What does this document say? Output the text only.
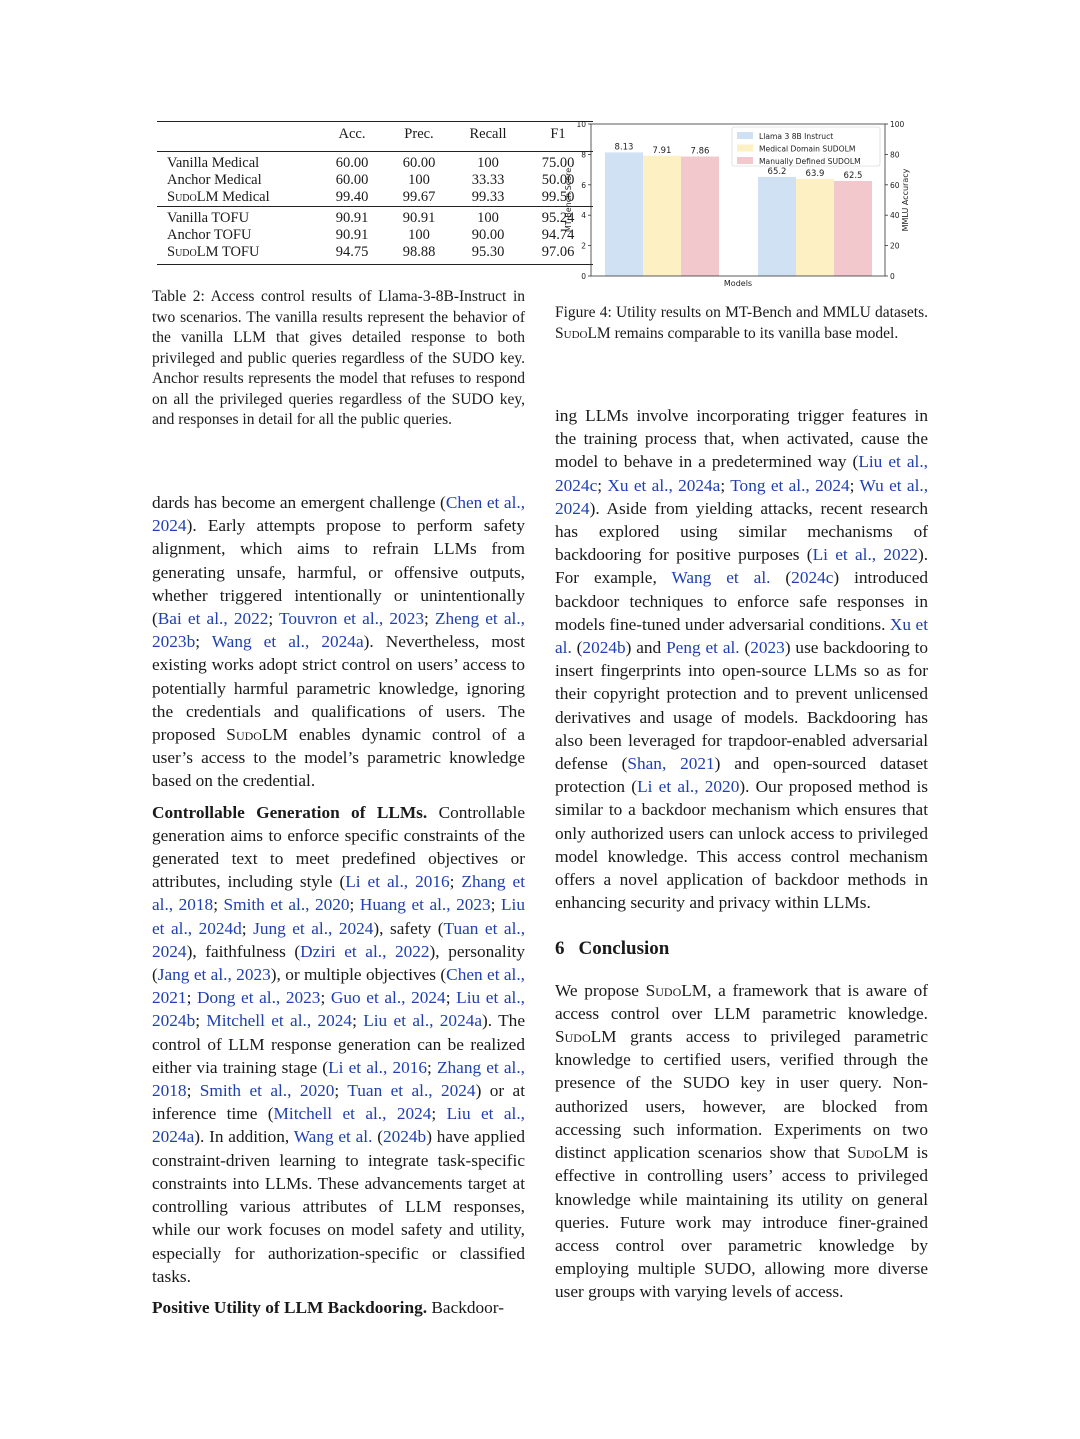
	Acc.	Prec.	Recall	F1
Vanilla Medical	60.00	60.00	100	75.00
Anchor Medical	60.00	100	33.33	50.00
SudoLM Medical	99.40	99.67	99.33	99.50
Vanilla TOFU	90.91	90.91	100	95.24
Anchor TOFU	90.91	100	90.00	94.74
SudoLM TOFU	94.75	98.88	95.30	97.06
Table 2: Access control results of Llama-3-8B-Instruct in two scenarios. The vanilla results represent the behavior of the vanilla LLM that gives detailed response to both privileged and public queries regardless of the SUDO key. Anchor results represents the model that refuses to respond on all the privileged queries regardless of the SUDO key, and responses in detail for all the public queries.
8.13
65.2
7.91
63.9
7.86
62.5
0
2
4
6
8
10
0
20
40
60
80
100
Models
MT Bench Score	MMLU Accuracy
Llama 3 8B Instruct
Medical Domain SUDOLM
Manually Defined SUDOLM
Figure 4: Utility results on MT-Bench and MMLU datasets. SudoLM remains comparable to its vanilla base model.

dards has become an emergent challenge (Chen et al., 2024). Early attempts propose to perform safety alignment, which aims to refrain LLMs from generating unsafe, harmful, or offensive outputs, whether triggered intentionally or unintentionally (Bai et al., 2022; Touvron et al., 2023; Zheng et al., 2023b; Wang et al., 2024a). Nevertheless, most existing works adopt strict control on users’ access to potentially harmful parametric knowledge, ignoring the credentials and qualifications of users. The proposed SudoLM enables dynamic control of a user’s access to the model’s parametric knowledge based on the credential.

Controllable Generation of LLMs. Controllable generation aims to enforce specific constraints of the generated text to meet predefined objectives or attributes, including style (Li et al., 2016; Zhang et al., 2018; Smith et al., 2020; Huang et al., 2023; Liu et al., 2024d; Jung et al., 2024), safety (Tuan et al., 2024), faithfulness (Dziri et al., 2022), personality (Jang et al., 2023), or multiple objectives (Chen et al., 2021; Dong et al., 2023; Guo et al., 2024; Liu et al., 2024b; Mitchell et al., 2024; Liu et al., 2024a). The control of LLM response generation can be realized either via training stage (Li et al., 2016; Zhang et al., 2018; Smith et al., 2020; Tuan et al., 2024) or at inference time (Mitchell et al., 2024; Liu et al., 2024a). In addition, Wang et al. (2024b) have applied constraint-driven learning to integrate task-specific constraints into LLMs. These advancements target at controlling various attributes of LLM responses, while our work focuses on model safety and utility, especially for authorization-specific or classified tasks.

Positive Utility of LLM Backdooring. Backdoor-

ing LLMs involve incorporating trigger features in the training process that, when activated, cause the model to behave in a predetermined way (Liu et al., 2024c; Xu et al., 2024a; Tong et al., 2024; Wu et al., 2024). Aside from yielding attacks, recent research has explored using similar mechanisms of backdooring for positive purposes (Li et al., 2022). For example, Wang et al. (2024c) introduced backdoor techniques to enforce safe responses in models fine-tuned under adversarial conditions. Xu et al. (2024b) and Peng et al. (2023) use backdooring to insert fingerprints into open-source LLMs so as for their copyright protection and to prevent unlicensed derivatives and usage of models. Backdooring has also been leveraged for trapdoor-enabled adversarial defense (Shan, 2021) and open-sourced dataset protection (Li et al., 2020). Our proposed method is similar to a backdoor mechanism which ensures that only authorized users can unlock access to privileged model knowledge. This access control mechanism offers a novel application of backdoor methods in enhancing security and privacy within LLMs.

6 Conclusion

We propose SudoLM, a framework that is aware of access control over LLM parametric knowledge. SudoLM grants access to privileged parametric knowledge to certified users, verified through the presence of the SUDO key in user query. Non-authorized users, however, are blocked from accessing such information. Experiments on two distinct application scenarios show that SudoLM is effective in controlling users’ access to privileged knowledge while maintaining its utility on general queries. Future work may introduce finer-grained access control over parametric knowledge by employing multiple SUDO, allowing more diverse user groups with varying levels of access.
